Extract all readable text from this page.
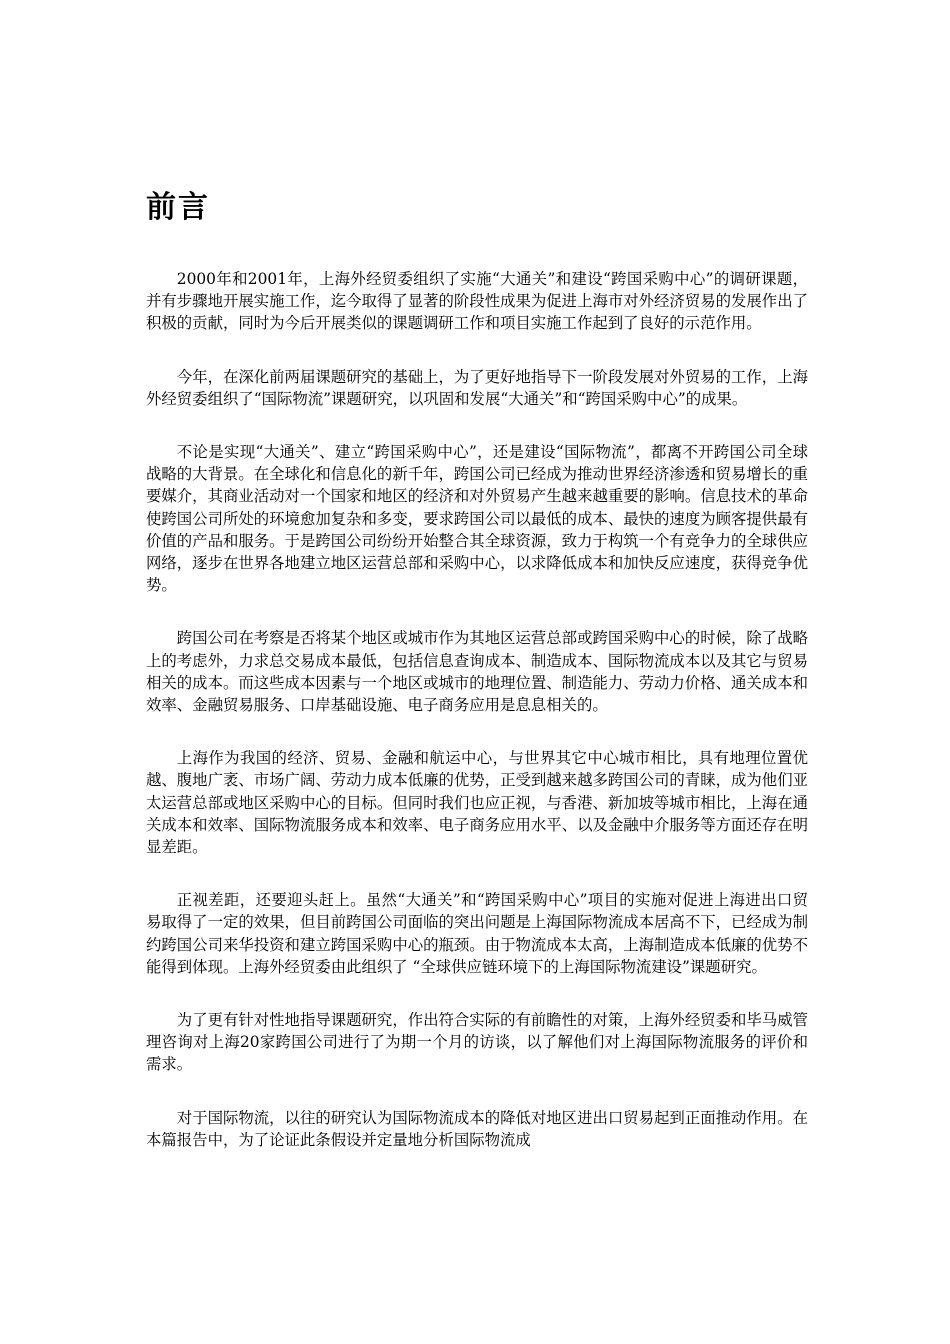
前言

2000年和2001年，上海外经贸委组织了实施“大通关”和建设“跨国采购中心”的调研课题，并有步骤地开展实施工作，迄今取得了显著的阶段性成果为促进上海市对外经济贸易的发展作出了积极的贡献，同时为今后开展类似的课题调研工作和项目实施工作起到了良好的示范作用。

今年，在深化前两届课题研究的基础上，为了更好地指导下一阶段发展对外贸易的工作，上海外经贸委组织了“国际物流”课题研究，以巩固和发展“大通关”和“跨国采购中心”的成果。

不论是实现“大通关”、建立“跨国采购中心”，还是建设“国际物流”，都离不开跨国公司全球战略的大背景。在全球化和信息化的新千年，跨国公司已经成为推动世界经济渗透和贸易增长的重要媒介，其商业活动对一个国家和地区的经济和对外贸易产生越来越重要的影响。信息技术的革命使跨国公司所处的环境愈加复杂和多变，要求跨国公司以最低的成本、最快的速度为顾客提供最有价值的产品和服务。于是跨国公司纷纷开始整合其全球资源，致力于构筑一个有竞争力的全球供应网络，逐步在世界各地建立地区运营总部和采购中心，以求降低成本和加快反应速度，获得竞争优势。

跨国公司在考察是否将某个地区或城市作为其地区运营总部或跨国采购中心的时候，除了战略上的考虑外，力求总交易成本最低，包括信息查询成本、制造成本、国际物流成本以及其它与贸易相关的成本。而这些成本因素与一个地区或城市的地理位置、制造能力、劳动力价格、通关成本和效率、金融贸易服务、口岸基础设施、电子商务应用是息息相关的。

上海作为我国的经济、贸易、金融和航运中心，与世界其它中心城市相比，具有地理位置优越、腹地广袤、市场广阔、劳动力成本低廉的优势，正受到越来越多跨国公司的青睐，成为他们亚太运营总部或地区采购中心的目标。但同时我们也应正视，与香港、新加坡等城市相比，上海在通关成本和效率、国际物流服务成本和效率、电子商务应用水平、以及金融中介服务等方面还存在明显差距。

正视差距，还要迎头赶上。虽然“大通关”和“跨国采购中心”项目的实施对促进上海进出口贸易取得了一定的效果，但目前跨国公司面临的突出问题是上海国际物流成本居高不下，已经成为制约跨国公司来华投资和建立跨国采购中心的瓶颈。由于物流成本太高，上海制造成本低廉的优势不能得到体现。上海外经贸委由此组织了 “全球供应链环境下的上海国际物流建设”课题研究。

为了更有针对性地指导课题研究，作出符合实际的有前瞻性的对策，上海外经贸委和毕马威管理咨询对上海20家跨国公司进行了为期一个月的访谈，以了解他们对上海国际物流服务的评价和需求。

对于国际物流，以往的研究认为国际物流成本的降低对地区进出口贸易起到正面推动作用。在本篇报告中，为了论证此条假设并定量地分析国际物流成
